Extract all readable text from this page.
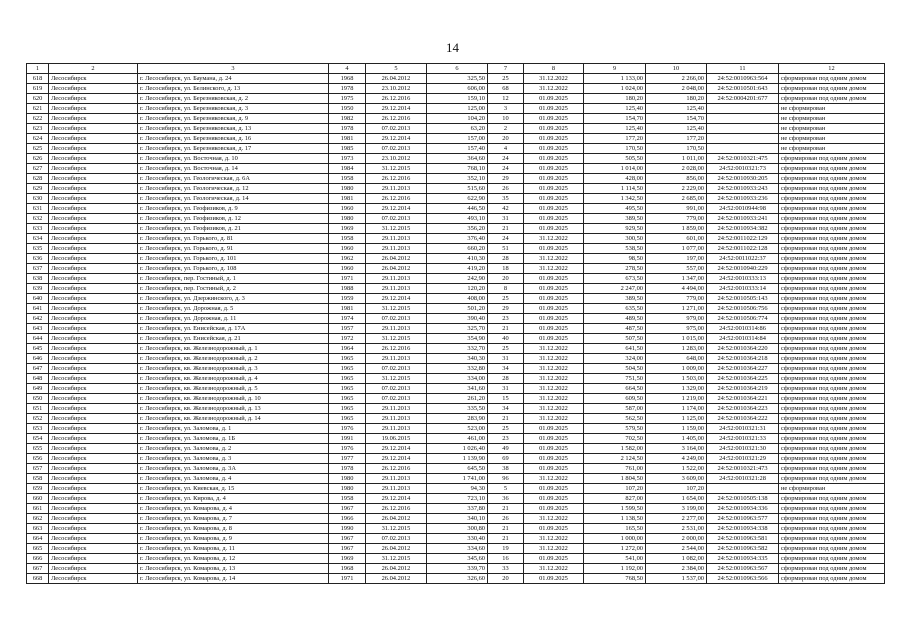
14
1	2	3	4	5	6	7	8	9	10	11	12
618	Лесосибирск	г. Лесосибирск, ул. Баумана, д. 24	1968	26.04.2012	325,50	25	31.12.2022	1 133,00	2 266,00	24:52:0010963:564	сформирован под одним домом
619	Лесосибирск	г. Лесосибирск, ул. Белинского, д. 13	1978	23.10.2012	606,00	68	31.12.2022	1 024,00	2 048,00	24:52:0010501:643	сформирован под одним домом
620	Лесосибирск	г. Лесосибирск, ул. Березняковская, д. 2	1975	26.12.2016	159,10	12	01.09.2025	180,20	180,20	24:52:0004201:677	сформирован под одним домом
621	Лесосибирск	г. Лесосибирск, ул. Березняковская, д. 3	1950	29.12.2014	125,00	3	01.09.2025	125,40	125,40		не сформирован
622	Лесосибирск	г. Лесосибирск, ул. Березняковская, д. 9	1982	26.12.2016	104,20	10	01.09.2025	154,70	154,70		не сформирован
623	Лесосибирск	г. Лесосибирск, ул. Березняковская, д. 13	1978	07.02.2013	63,20	2	01.09.2025	125,40	125,40		не сформирован
624	Лесосибирск	г. Лесосибирск, ул. Березняковская, д. 16	1981	29.12.2014	157,00	20	01.09.2025	177,20	177,20		не сформирован
625	Лесосибирск	г. Лесосибирск, ул. Березняковская, д. 17	1985	07.02.2013	157,40	4	01.09.2025	170,50	170,50		не сформирован
626	Лесосибирск	г. Лесосибирск, ул. Восточная, д. 10	1973	23.10.2012	364,60	24	01.09.2025	505,50	1 011,00	24:52:0010321:475	сформирован под одним домом
627	Лесосибирск	г. Лесосибирск, ул. Восточная, д. 14	1984	31.12.2015	768,10	24	01.09.2025	1 014,00	2 028,00	24:52:0010321:73	сформирован под одним домом
628	Лесосибирск	г. Лесосибирск, ул. Геологическая, д. 6А	1958	26.12.2016	352,10	29	01.09.2025	428,00	856,00	24:52:0010930:205	сформирован под одним домом
629	Лесосибирск	г. Лесосибирск, ул. Геологическая, д. 12	1980	29.11.2013	515,60	26	01.09.2025	1 114,50	2 229,00	24:52:0010933:243	сформирован под одним домом
630	Лесосибирск	г. Лесосибирск, ул. Геологическая, д. 14	1981	26.12.2016	622,90	35	01.09.2025	1 342,50	2 685,00	24:52:0010933:236	сформирован под одним домом
631	Лесосибирск	г. Лесосибирск, ул. Геофизиков, д. 9	1960	29.12.2014	446,50	42	01.09.2025	495,50	991,00	24:52:0010944:98	сформирован под одним домом
632	Лесосибирск	г. Лесосибирск, ул. Геофизиков, д. 12	1980	07.02.2013	493,10	31	01.09.2025	389,50	779,00	24:52:0010933:241	сформирован под одним домом
633	Лесосибирск	г. Лесосибирск, ул. Геофизиков, д. 21	1969	31.12.2015	356,20	21	01.09.2025	929,50	1 859,00	24:52:0010934:382	сформирован под одним домом
634	Лесосибирск	г. Лесосибирск, ул. Горького, д. 81	1958	29.11.2013	376,40	24	31.12.2022	300,50	601,00	24:52:0011022:129	сформирован под одним домом
635	Лесосибирск	г. Лесосибирск, ул. Горького, д. 91	1960	29.11.2013	660,20	51	01.09.2025	538,50	1 077,00	24:52:0011022:128	сформирован под одним домом
636	Лесосибирск	г. Лесосибирск, ул. Горького, д. 101	1962	26.04.2012	410,30	28	31.12.2022	98,50	197,00	24:52:0011022:37	сформирован под одним домом
637	Лесосибирск	г. Лесосибирск, ул. Горького, д. 108	1960	26.04.2012	419,20	18	31.12.2022	278,50	557,00	24:52:0010940:229	сформирован под одним домом
638	Лесосибирск	г. Лесосибирск, пер. Гостиный, д. 1	1971	29.11.2013	242,90	20	01.09.2025	673,50	1 347,00	24:52:0010333:13	сформирован под одним домом
639	Лесосибирск	г. Лесосибирск, пер. Гостиный, д. 2	1988	29.11.2013	120,20	8	01.09.2025	2 247,00	4 494,00	24:52:0010333:14	сформирован под одним домом
640	Лесосибирск	г. Лесосибирск, ул. Дзержинского, д. 3	1959	29.12.2014	408,00	25	01.09.2025	389,50	779,00	24:52:0010505:143	сформирован под одним домом
641	Лесосибирск	г. Лесосибирск, ул. Дорожная, д. 5	1981	31.12.2015	501,20	29	01.09.2025	635,50	1 271,00	24:52:0010506:756	сформирован под одним домом
642	Лесосибирск	г. Лесосибирск, ул. Дорожная, д. 11	1974	07.02.2013	390,40	23	01.09.2025	489,50	979,00	24:52:0010506:774	сформирован под одним домом
643	Лесосибирск	г. Лесосибирск, ул. Енисейская, д. 17А	1957	29.11.2013	325,70	21	01.09.2025	487,50	975,00	24:52:0010314:86	сформирован под одним домом
644	Лесосибирск	г. Лесосибирск, ул. Енисейская, д. 21	1972	31.12.2015	354,90	40	01.09.2025	507,50	1 015,00	24:52:0010314:84	сформирован под одним домом
645	Лесосибирск	г. Лесосибирск, кв. Железнодорожный, д. 1	1964	26.12.2016	332,70	25	31.12.2022	641,50	1 283,00	24:52:0010364:220	сформирован под одним домом
646	Лесосибирск	г. Лесосибирск, кв. Железнодорожный, д. 2	1965	29.11.2013	340,30	31	31.12.2022	324,00	648,00	24:52:0010364:218	сформирован под одним домом
647	Лесосибирск	г. Лесосибирск, кв. Железнодорожный, д. 3	1965	07.02.2013	332,80	34	31.12.2022	504,50	1 009,00	24:52:0010364:227	сформирован под одним домом
648	Лесосибирск	г. Лесосибирск, кв. Железнодорожный, д. 4	1965	31.12.2015	334,00	28	31.12.2022	751,50	1 503,00	24:52:0010364:225	сформирован под одним домом
649	Лесосибирск	г. Лесосибирск, кв. Железнодорожный, д. 5	1965	07.02.2013	341,60	31	31.12.2022	664,50	1 329,00	24:52:0010364:219	сформирован под одним домом
650	Лесосибирск	г. Лесосибирск, кв. Железнодорожный, д. 10	1965	07.02.2013	261,20	15	31.12.2022	609,50	1 219,00	24:52:0010364:221	сформирован под одним домом
651	Лесосибирск	г. Лесосибирск, кв. Железнодорожный, д. 13	1965	29.11.2013	335,50	34	31.12.2022	587,00	1 174,00	24:52:0010364:223	сформирован под одним домом
652	Лесосибирск	г. Лесосибирск, кв. Железнодорожный, д. 14	1965	29.11.2013	283,90	21	31.12.2022	562,50	1 125,00	24:52:0010364:222	сформирован под одним домом
653	Лесосибирск	г. Лесосибирск, ул. Заломова, д. 1	1976	29.11.2013	523,00	25	01.09.2025	579,50	1 159,00	24:52:0010321:31	сформирован под одним домом
654	Лесосибирск	г. Лесосибирск, ул. Заломова, д. 1Б	1991	19.06.2015	461,00	23	01.09.2025	702,50	1 405,00	24:52:0010321:33	сформирован под одним домом
655	Лесосибирск	г. Лесосибирск, ул. Заломова, д. 2	1976	29.12.2014	1 026,40	49	01.09.2025	1 582,00	3 164,00	24:52:0010321:30	сформирован под одним домом
656	Лесосибирск	г. Лесосибирск, ул. Заломова, д. 3	1977	29.12.2014	1 139,90	69	01.09.2025	2 124,50	4 249,00	24:52:0010321:29	сформирован под одним домом
657	Лесосибирск	г. Лесосибирск, ул. Заломова, д. 3А	1978	26.12.2016	645,50	38	01.09.2025	761,00	1 522,00	24:52:0010321:473	сформирован под одним домом
658	Лесосибирск	г. Лесосибирск, ул. Заломова, д. 4	1980	29.11.2013	1 741,00	96	31.12.2022	1 804,50	3 609,00	24:52:0010321:28	сформирован под одним домом
659	Лесосибирск	г. Лесосибирск, ул. Киевская, д. 15	1980	29.11.2013	94,30	5	01.09.2025	107,20	107,20		не сформирован
660	Лесосибирск	г. Лесосибирск, ул. Кирова, д. 4	1958	29.12.2014	723,10	36	01.09.2025	827,00	1 654,00	24:52:0010505:138	сформирован под одним домом
661	Лесосибирск	г. Лесосибирск, ул. Комарова, д. 4	1967	26.12.2016	337,80	21	01.09.2025	1 599,50	3 199,00	24:52:0010934:336	сформирован под одним домом
662	Лесосибирск	г. Лесосибирск, ул. Комарова, д. 7	1966	26.04.2012	340,10	26	31.12.2022	1 138,50	2 277,00	24:52:0010963:577	сформирован под одним домом
663	Лесосибирск	г. Лесосибирск, ул. Комарова, д. 8	1990	31.12.2015	300,80	21	01.09.2025	165,50	2 531,00	24:52:0010934:338	сформирован под одним домом
664	Лесосибирск	г. Лесосибирск, ул. Комарова, д. 9	1967	07.02.2013	330,40	21	31.12.2022	1 000,00	2 000,00	24:52:0010963:581	сформирован под одним домом
665	Лесосибирск	г. Лесосибирск, ул. Комарова, д. 11	1967	26.04.2012	334,60	19	31.12.2022	1 272,00	2 544,00	24:52:0010963:582	сформирован под одним домом
666	Лесосибирск	г. Лесосибирск, ул. Комарова, д. 12	1969	31.12.2015	345,60	16	01.09.2025	541,00	1 082,00	24:52:0010934:335	сформирован под одним домом
667	Лесосибирск	г. Лесосибирск, ул. Комарова, д. 13	1968	26.04.2012	339,70	33	31.12.2022	1 192,00	2 384,00	24:52:0010963:567	сформирован под одним домом
668	Лесосибирск	г. Лесосибирск, ул. Комарова, д. 14	1971	26.04.2012	326,60	20	01.09.2025	768,50	1 537,00	24:52:0010963:566	сформирован под одним домом
